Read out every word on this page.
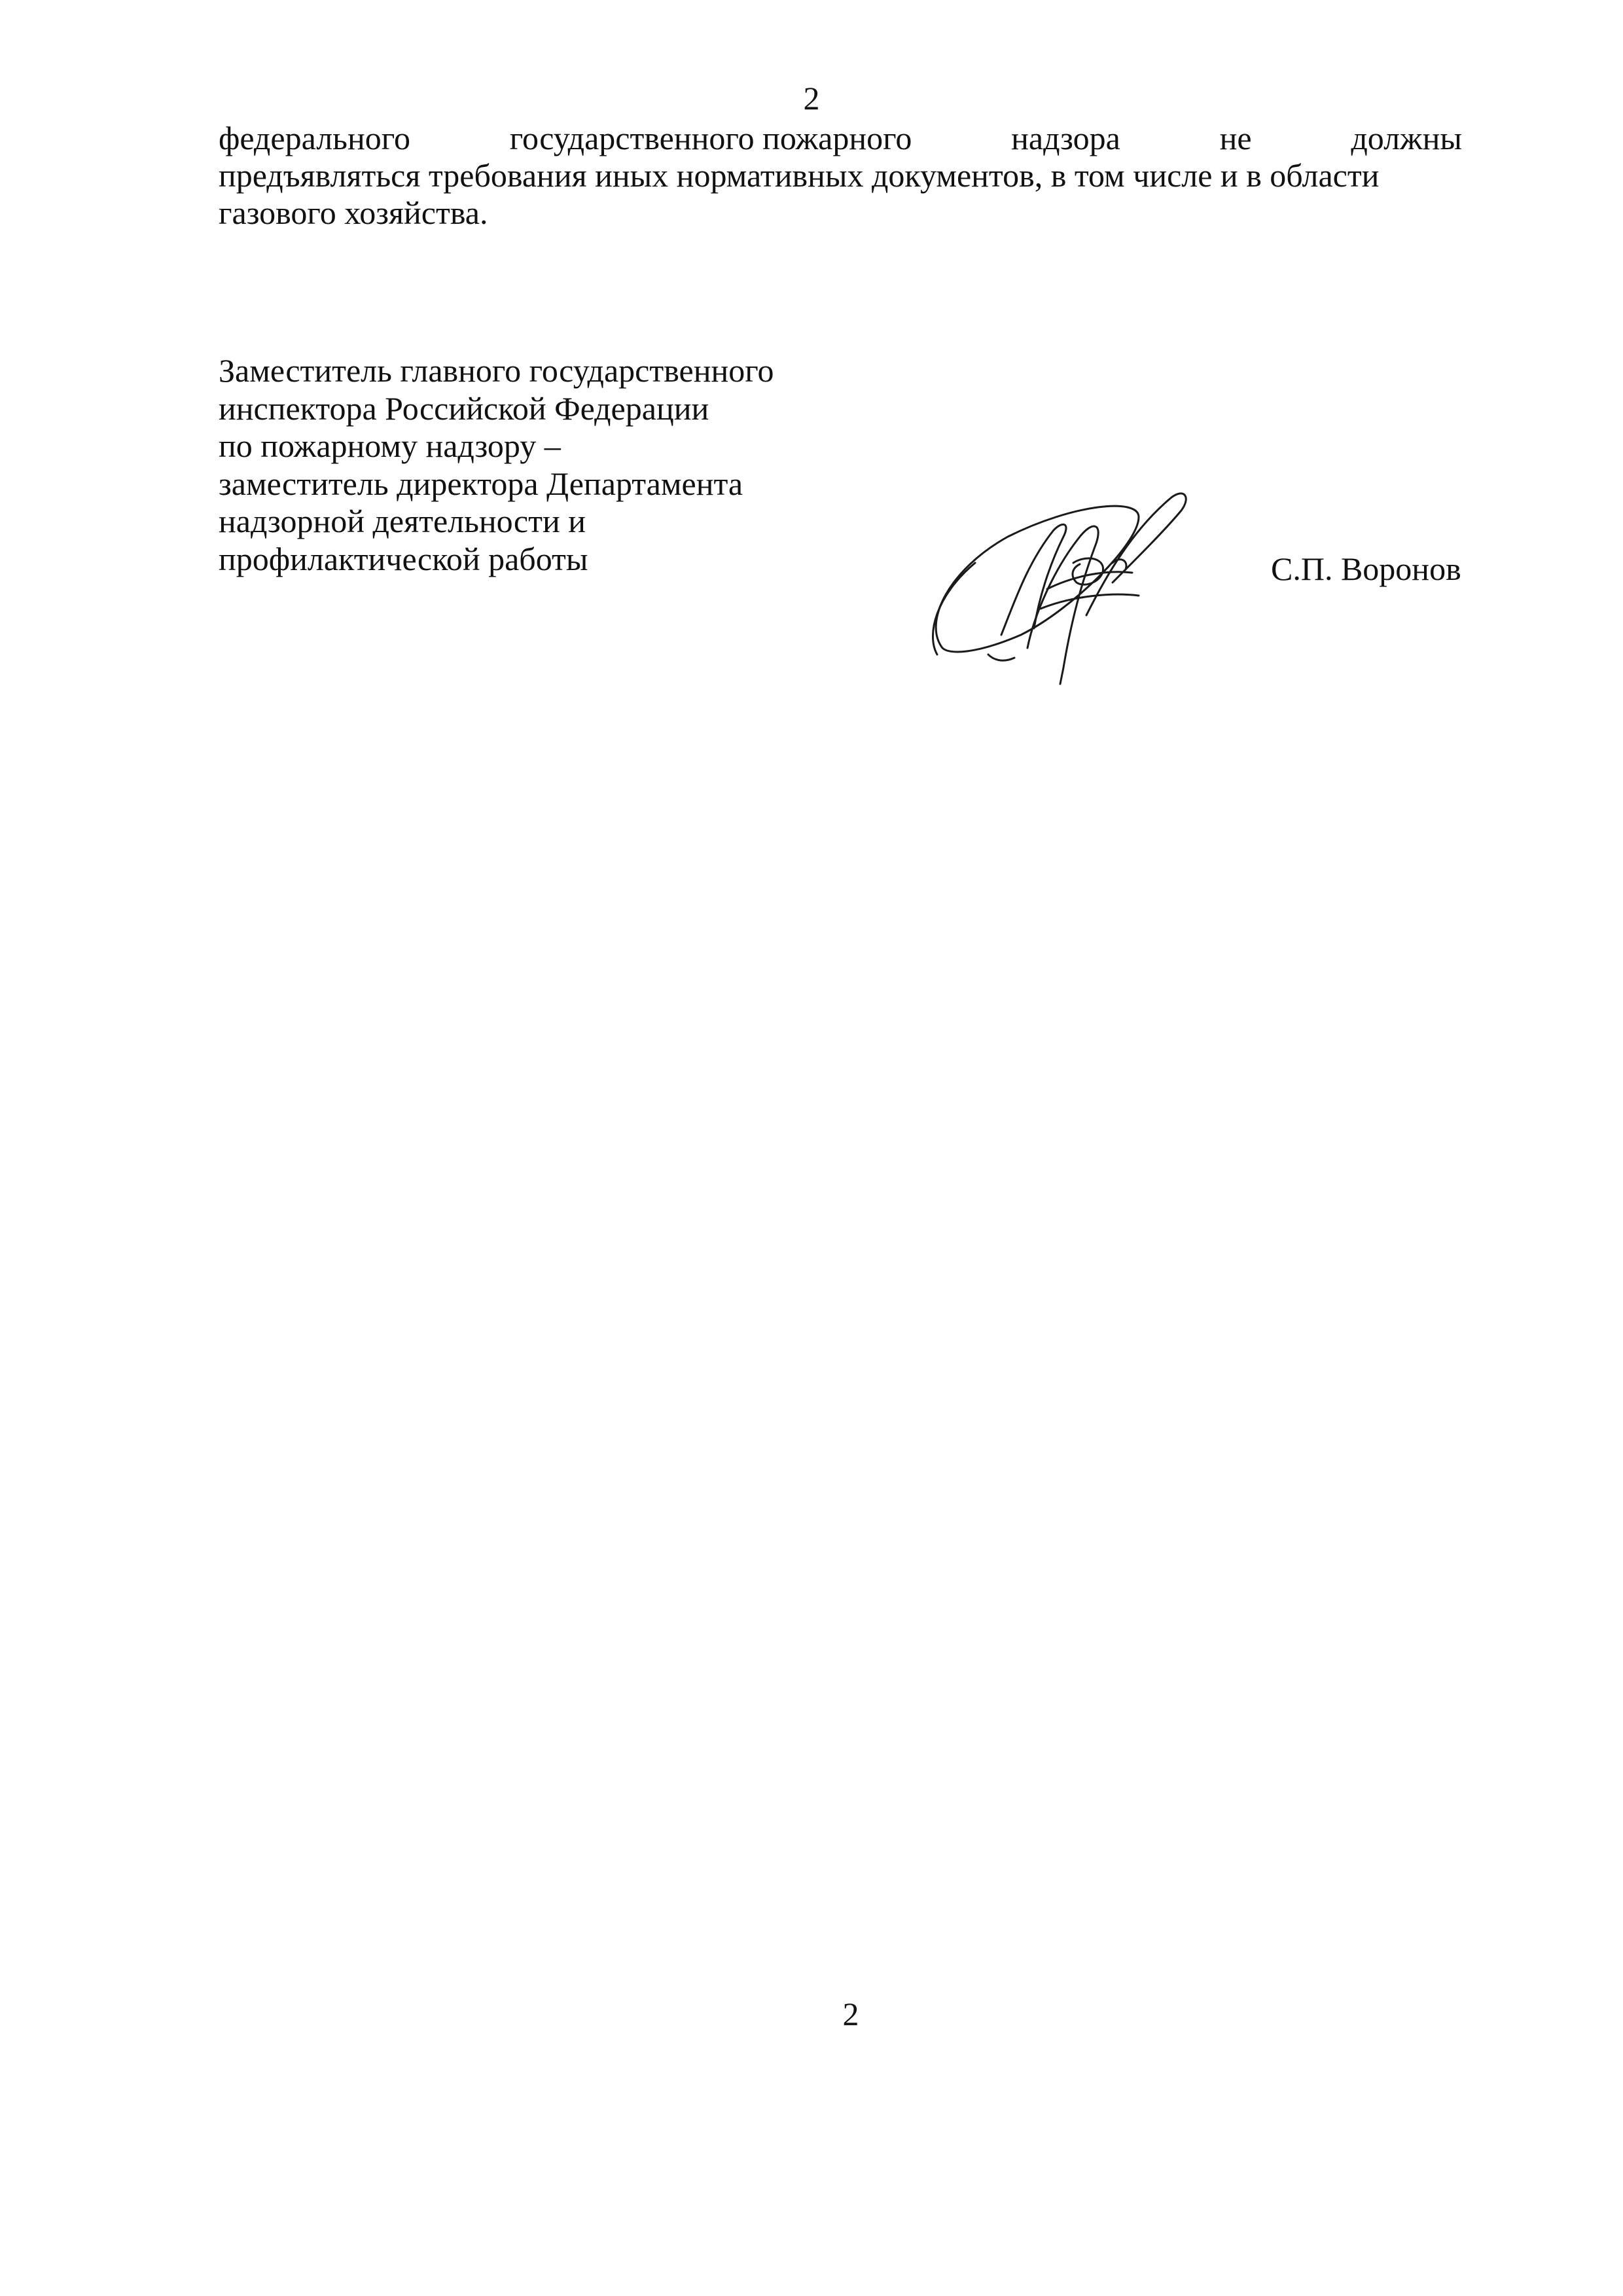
2
федерального	государственного пожарного	надзора	не	должны
предъявляться требования иных нормативных документов, в том числе и в области
газового хозяйства.
Заместитель главного государственного
инспектора Российской Федерации
по пожарному надзору –
заместитель директора Департамента
надзорной деятельности и
профилактической работы	С.П. Воронов
2
